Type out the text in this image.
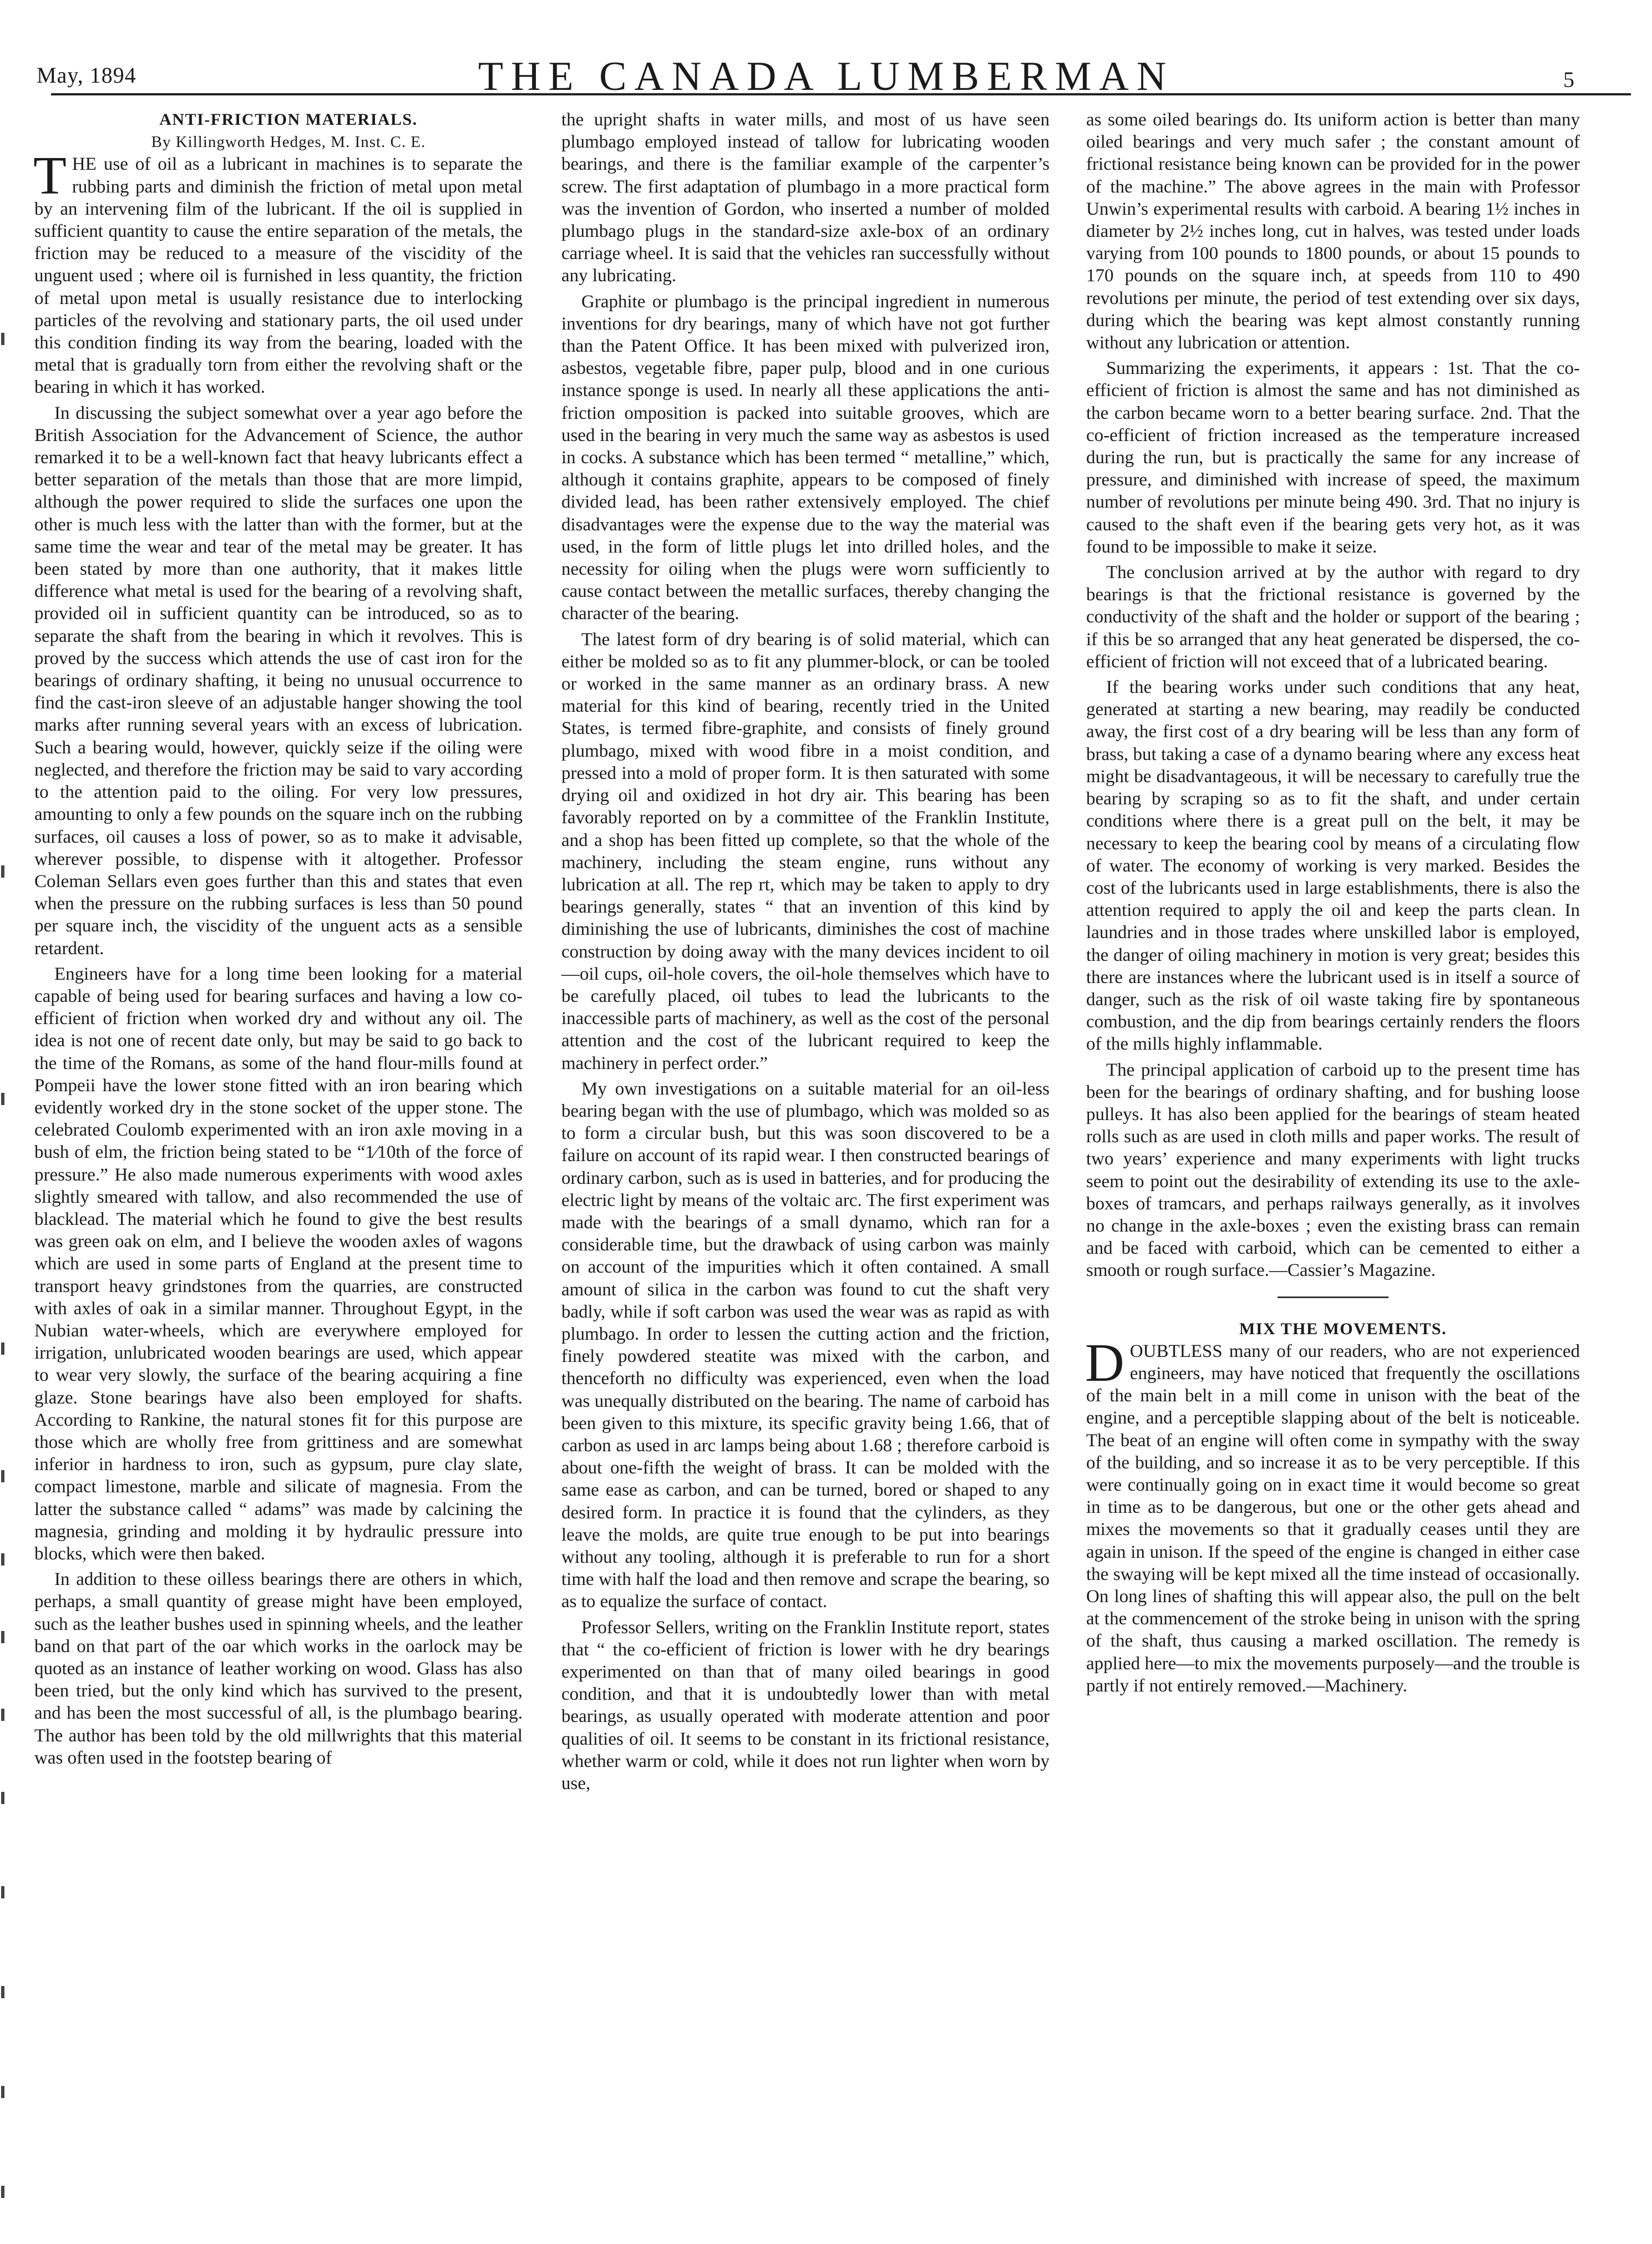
May, 1894	THE CANADA LUMBERMAN	5

ANTI-FRICTION MATERIALS.

By Killingworth Hedges, M. Inst. C. E.

THE use of oil as a lubricant in machines is to separate the rubbing parts and diminish the friction of metal upon metal by an intervening film of the lubricant. If the oil is supplied in sufficient quantity to cause the entire separation of the metals, the friction may be reduced to a measure of the viscidity of the unguent used ; where oil is furnished in less quantity, the friction of metal upon metal is usually resistance due to interlocking particles of the revolving and stationary parts, the oil used under this condition finding its way from the bearing, loaded with the metal that is gradually torn from either the revolving shaft or the bearing in which it has worked.

In discussing the subject somewhat over a year ago before the British Association for the Advancement of Science, the author remarked it to be a well-known fact that heavy lubricants effect a better separation of the metals than those that are more limpid, although the power required to slide the surfaces one upon the other is much less with the latter than with the former, but at the same time the wear and tear of the metal may be greater. It has been stated by more than one authority, that it makes little difference what metal is used for the bearing of a revolving shaft, provided oil in sufficient quantity can be introduced, so as to separate the shaft from the bearing in which it revolves. This is proved by the success which attends the use of cast iron for the bearings of ordinary shafting, it being no unusual occurrence to find the cast-iron sleeve of an adjustable hanger showing the tool marks after running several years with an excess of lubrication. Such a bearing would, however, quickly seize if the oiling were neglected, and therefore the friction may be said to vary according to the attention paid to the oiling. For very low pressures, amounting to only a few pounds on the square inch on the rubbing surfaces, oil causes a loss of power, so as to make it advisable, wherever possible, to dispense with it altogether. Professor Coleman Sellars even goes further than this and states that even when the pressure on the rubbing surfaces is less than 50 pound per square inch, the viscidity of the unguent acts as a sensible retardent.

Engineers have for a long time been looking for a material capable of being used for bearing surfaces and having a low co-efficient of friction when worked dry and without any oil. The idea is not one of recent date only, but may be said to go back to the time of the Romans, as some of the hand flour-mills found at Pompeii have the lower stone fitted with an iron bearing which evidently worked dry in the stone socket of the upper stone. The celebrated Coulomb experimented with an iron axle moving in a bush of elm, the friction being stated to be “1⁄10th of the force of pressure.” He also made numerous experiments with wood axles slightly smeared with tallow, and also recommended the use of blacklead. The material which he found to give the best results was green oak on elm, and I believe the wooden axles of wagons which are used in some parts of England at the present time to transport heavy grindstones from the quarries, are constructed with axles of oak in a similar manner. Throughout Egypt, in the Nubian water-wheels, which are everywhere employed for irrigation, unlubricated wooden bearings are used, which appear to wear very slowly, the surface of the bearing acquiring a fine glaze. Stone bearings have also been employed for shafts. According to Rankine, the natural stones fit for this purpose are those which are wholly free from grittiness and are somewhat inferior in hardness to iron, such as gypsum, pure clay slate, compact limestone, marble and silicate of magnesia. From the latter the substance called “ adams” was made by calcining the magnesia, grinding and molding it by hydraulic pressure into blocks, which were then baked.

In addition to these oilless bearings there are others in which, perhaps, a small quantity of grease might have been employed, such as the leather bushes used in spinning wheels, and the leather band on that part of the oar which works in the oarlock may be quoted as an instance of leather working on wood. Glass has also been tried, but the only kind which has survived to the present, and has been the most successful of all, is the plumbago bearing. The author has been told by the old millwrights that this material was often used in the footstep bearing of

the upright shafts in water mills, and most of us have seen plumbago employed instead of tallow for lubricating wooden bearings, and there is the familiar example of the carpenter’s screw. The first adaptation of plumbago in a more practical form was the invention of Gordon, who inserted a number of molded plumbago plugs in the standard-size axle-box of an ordinary carriage wheel. It is said that the vehicles ran successfully without any lubricating.

Graphite or plumbago is the principal ingredient in numerous inventions for dry bearings, many of which have not got further than the Patent Office. It has been mixed with pulverized iron, asbestos, vegetable fibre, paper pulp, blood and in one curious instance sponge is used. In nearly all these applications the anti-friction omposition is packed into suitable grooves, which are used in the bearing in very much the same way as asbestos is used in cocks. A substance which has been termed “ metalline,” which, although it contains graphite, appears to be composed of finely divided lead, has been rather extensively employed. The chief disadvantages were the expense due to the way the material was used, in the form of little plugs let into drilled holes, and the necessity for oiling when the plugs were worn sufficiently to cause contact between the metallic surfaces, thereby changing the character of the bearing.

The latest form of dry bearing is of solid material, which can either be molded so as to fit any plummer-block, or can be tooled or worked in the same manner as an ordinary brass. A new material for this kind of bearing, recently tried in the United States, is termed fibre-graphite, and consists of finely ground plumbago, mixed with wood fibre in a moist condition, and pressed into a mold of proper form. It is then saturated with some drying oil and oxidized in hot dry air. This bearing has been favorably reported on by a committee of the Franklin Institute, and a shop has been fitted up complete, so that the whole of the machinery, including the steam engine, runs without any lubrication at all. The rep rt, which may be taken to apply to dry bearings generally, states “ that an invention of this kind by diminishing the use of lubricants, diminishes the cost of machine construction by doing away with the many devices incident to oil—oil cups, oil-hole covers, the oil-hole themselves which have to be carefully placed, oil tubes to lead the lubricants to the inaccessible parts of machinery, as well as the cost of the personal attention and the cost of the lubricant required to keep the machinery in perfect order.”

My own investigations on a suitable material for an oil-less bearing began with the use of plumbago, which was molded so as to form a circular bush, but this was soon discovered to be a failure on account of its rapid wear. I then constructed bearings of ordinary carbon, such as is used in batteries, and for producing the electric light by means of the voltaic arc. The first experiment was made with the bearings of a small dynamo, which ran for a considerable time, but the drawback of using carbon was mainly on account of the impurities which it often contained. A small amount of silica in the carbon was found to cut the shaft very badly, while if soft carbon was used the wear was as rapid as with plumbago. In order to lessen the cutting action and the friction, finely powdered steatite was mixed with the carbon, and thenceforth no difficulty was experienced, even when the load was unequally distributed on the bearing. The name of carboid has been given to this mixture, its specific gravity being 1.66, that of carbon as used in arc lamps being about 1.68 ; therefore carboid is about one-fifth the weight of brass. It can be molded with the same ease as carbon, and can be turned, bored or shaped to any desired form. In practice it is found that the cylinders, as they leave the molds, are quite true enough to be put into bearings without any tooling, although it is preferable to run for a short time with half the load and then remove and scrape the bearing, so as to equalize the surface of contact.

Professor Sellers, writing on the Franklin Institute report, states that “ the co-efficient of friction is lower with he dry bearings experimented on than that of many oiled bearings in good condition, and that it is undoubtedly lower than with metal bearings, as usually operated with moderate attention and poor qualities of oil. It seems to be constant in its frictional resistance, whether warm or cold, while it does not run lighter when worn by use,

as some oiled bearings do. Its uniform action is better than many oiled bearings and very much safer ; the constant amount of frictional resistance being known can be provided for in the power of the machine.” The above agrees in the main with Professor Unwin’s experimental results with carboid. A bearing 1½ inches in diameter by 2½ inches long, cut in halves, was tested under loads varying from 100 pounds to 1800 pounds, or about 15 pounds to 170 pounds on the square inch, at speeds from 110 to 490 revolutions per minute, the period of test extending over six days, during which the bearing was kept almost constantly running without any lubrication or attention.

Summarizing the experiments, it appears : 1st. That the co-efficient of friction is almost the same and has not diminished as the carbon became worn to a better bearing surface. 2nd. That the co-efficient of friction increased as the temperature increased during the run, but is practically the same for any increase of pressure, and diminished with increase of speed, the maximum number of revolutions per minute being 490. 3rd. That no injury is caused to the shaft even if the bearing gets very hot, as it was found to be impossible to make it seize.

The conclusion arrived at by the author with regard to dry bearings is that the frictional resistance is governed by the conductivity of the shaft and the holder or support of the bearing ; if this be so arranged that any heat generated be dispersed, the co-efficient of friction will not exceed that of a lubricated bearing.

If the bearing works under such conditions that any heat, generated at starting a new bearing, may readily be conducted away, the first cost of a dry bearing will be less than any form of brass, but taking a case of a dynamo bearing where any excess heat might be disadvantageous, it will be necessary to carefully true the bearing by scraping so as to fit the shaft, and under certain conditions where there is a great pull on the belt, it may be necessary to keep the bearing cool by means of a circulating flow of water. The economy of working is very marked. Besides the cost of the lubricants used in large establishments, there is also the attention required to apply the oil and keep the parts clean. In laundries and in those trades where unskilled labor is employed, the danger of oiling machinery in motion is very great; besides this there are instances where the lubricant used is in itself a source of danger, such as the risk of oil waste taking fire by spontaneous combustion, and the dip from bearings certainly renders the floors of the mills highly inflammable.

The principal application of carboid up to the present time has been for the bearings of ordinary shafting, and for bushing loose pulleys. It has also been applied for the bearings of steam heated rolls such as are used in cloth mills and paper works. The result of two years’ experience and many experiments with light trucks seem to point out the desirability of extending its use to the axle-boxes of tramcars, and perhaps railways generally, as it involves no change in the axle-boxes ; even the existing brass can remain and be faced with carboid, which can be cemented to either a smooth or rough surface.—Cassier’s Magazine.

MIX THE MOVEMENTS.

DOUBTLESS many of our readers, who are not experienced engineers, may have noticed that frequently the oscillations of the main belt in a mill come in unison with the beat of the engine, and a perceptible slapping about of the belt is noticeable. The beat of an engine will often come in sympathy with the sway of the building, and so increase it as to be very perceptible. If this were continually going on in exact time it would become so great in time as to be dangerous, but one or the other gets ahead and mixes the movements so that it gradually ceases until they are again in unison. If the speed of the engine is changed in either case the swaying will be kept mixed all the time instead of occasionally. On long lines of shafting this will appear also, the pull on the belt at the commencement of the stroke being in unison with the spring of the shaft, thus causing a marked oscillation. The remedy is applied here—to mix the movements purposely—and the trouble is partly if not entirely removed.—Machinery.
